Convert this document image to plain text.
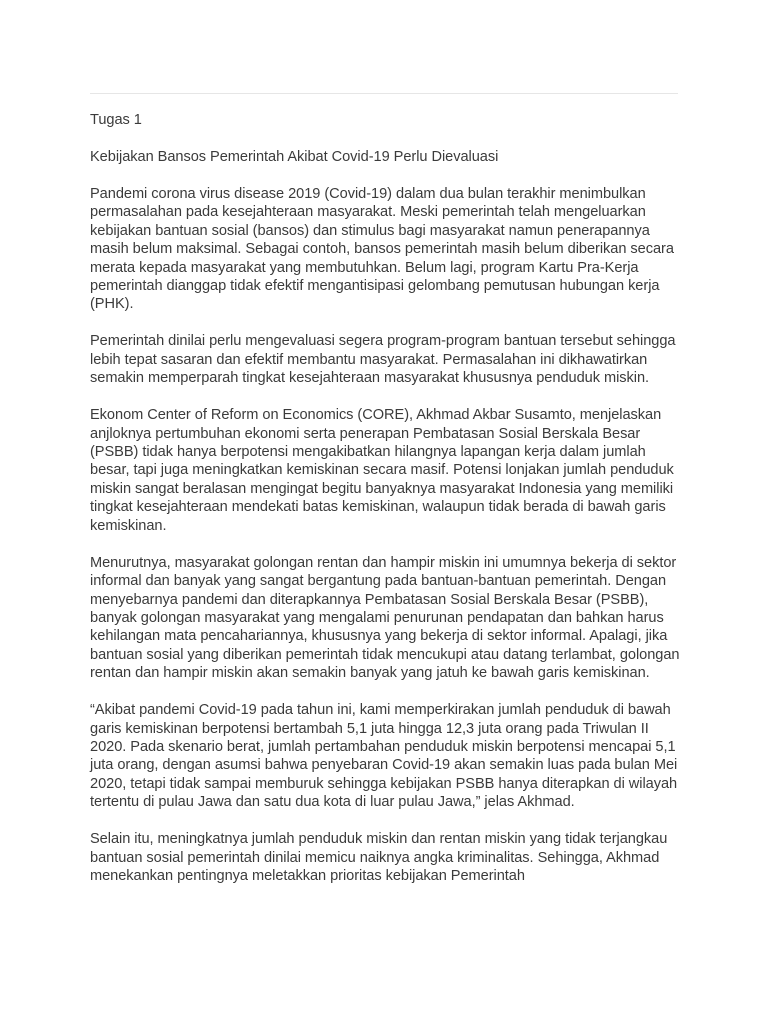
Tugas 1

Kebijakan Bansos Pemerintah Akibat Covid-19 Perlu Dievaluasi

Pandemi corona virus disease 2019 (Covid-19) dalam dua bulan terakhir menimbulkan permasalahan pada kesejahteraan masyarakat. Meski pemerintah telah mengeluarkan kebijakan bantuan sosial (bansos) dan stimulus bagi masyarakat namun penerapannya masih belum maksimal. Sebagai contoh, bansos pemerintah masih belum diberikan secara merata kepada masyarakat yang membutuhkan. Belum lagi, program Kartu Pra-Kerja pemerintah dianggap tidak efektif mengantisipasi gelombang pemutusan hubungan kerja (PHK).

Pemerintah dinilai perlu mengevaluasi segera program-program bantuan tersebut sehingga lebih tepat sasaran dan efektif membantu masyarakat. Permasalahan ini dikhawatirkan semakin memperparah tingkat kesejahteraan masyarakat khususnya penduduk miskin.

Ekonom Center of Reform on Economics (CORE), Akhmad Akbar Susamto, menjelaskan anjloknya pertumbuhan ekonomi serta penerapan Pembatasan Sosial Berskala Besar (PSBB) tidak hanya berpotensi mengakibatkan hilangnya lapangan kerja dalam jumlah besar, tapi juga meningkatkan kemiskinan secara masif. Potensi lonjakan jumlah penduduk miskin sangat beralasan mengingat begitu banyaknya masyarakat Indonesia yang memiliki tingkat kesejahteraan mendekati batas kemiskinan, walaupun tidak berada di bawah garis kemiskinan.

Menurutnya, masyarakat golongan rentan dan hampir miskin ini umumnya bekerja di sektor informal dan banyak yang sangat bergantung pada bantuan-bantuan pemerintah. Dengan menyebarnya pandemi dan diterapkannya Pembatasan Sosial Berskala Besar (PSBB), banyak golongan masyarakat yang mengalami penurunan pendapatan dan bahkan harus kehilangan mata pencahariannya, khususnya yang bekerja di sektor informal. Apalagi, jika bantuan sosial yang diberikan pemerintah tidak mencukupi atau datang terlambat, golongan rentan dan hampir miskin akan semakin banyak yang jatuh ke bawah garis kemiskinan.

“Akibat pandemi Covid-19 pada tahun ini, kami memperkirakan jumlah penduduk di bawah garis kemiskinan berpotensi bertambah 5,1 juta hingga 12,3 juta orang pada Triwulan II 2020. Pada skenario berat, jumlah pertambahan penduduk miskin berpotensi mencapai 5,1 juta orang, dengan asumsi bahwa penyebaran Covid-19 akan semakin luas pada bulan Mei 2020, tetapi tidak sampai memburuk sehingga kebijakan PSBB hanya diterapkan di wilayah tertentu di pulau Jawa dan satu dua kota di luar pulau Jawa,” jelas Akhmad.

Selain itu, meningkatnya jumlah penduduk miskin dan rentan miskin yang tidak terjangkau bantuan sosial pemerintah dinilai memicu naiknya angka kriminalitas. Sehingga, Akhmad menekankan pentingnya meletakkan prioritas kebijakan Pemerintah
